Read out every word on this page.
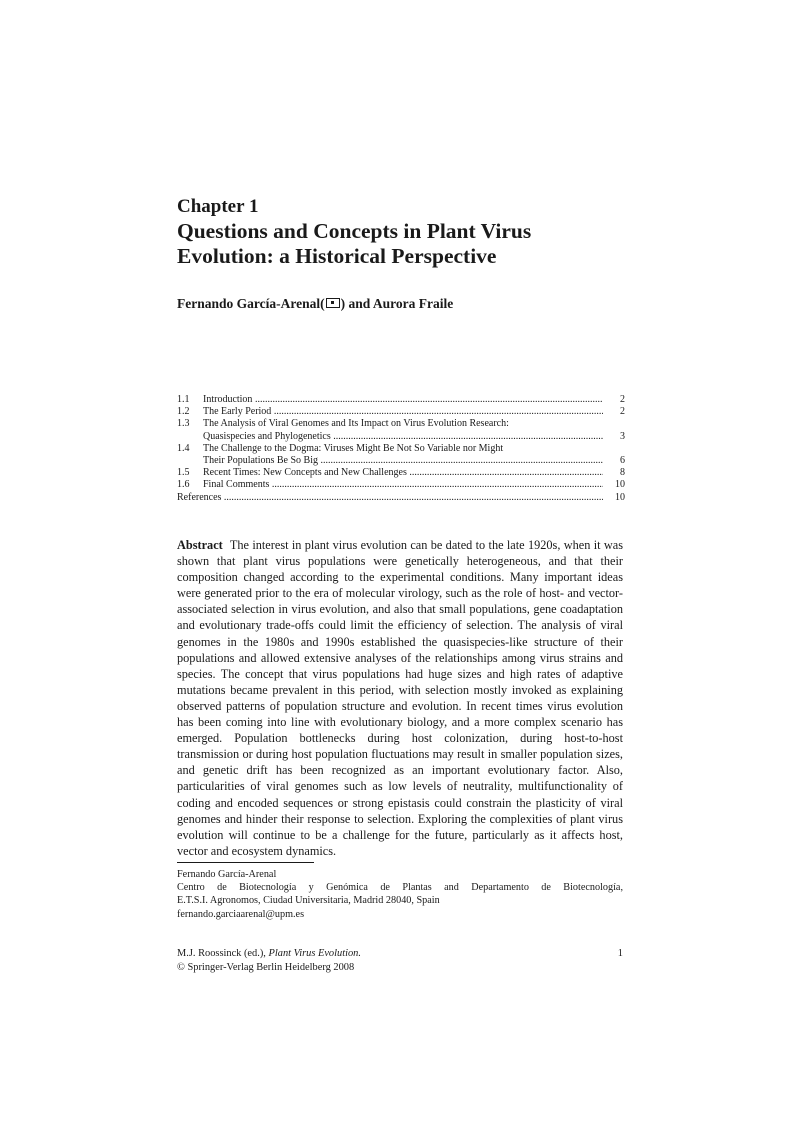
Chapter 1
Questions and Concepts in Plant Virus
Evolution: a Historical Perspective
Fernando García-Arenal( ) and Aurora Fraile
1.1 Introduction .....	2
1.2 The Early Period .....	2
1.3 The Analysis of Viral Genomes and Its Impact on Virus Evolution Research:
Quasispecies and Phylogenetics .....	3
1.4 The Challenge to the Dogma: Viruses Might Be Not So Variable nor Might
Their Populations Be So Big .....	6
1.5 Recent Times: New Concepts and New Challenges .....	8
1.6 Final Comments .....	10
References .....	10
Abstract The interest in plant virus evolution can be dated to the late 1920s, when it was shown that plant virus populations were genetically heterogeneous, and that their composition changed according to the experimental conditions. Many important ideas were generated prior to the era of molecular virology, such as the role of host- and vector-associated selection in virus evolution, and also that small populations, gene coadaptation and evolutionary trade-offs could limit the efficiency of selection. The analysis of viral genomes in the 1980s and 1990s established the quasispecies-like structure of their populations and allowed extensive analyses of the relationships among virus strains and species. The concept that virus populations had huge sizes and high rates of adaptive mutations became prevalent in this period, with selection mostly invoked as explaining observed patterns of population structure and evolution. In recent times virus evolution has been coming into line with evolutionary biology, and a more complex scenario has emerged. Population bottlenecks during host colonization, during host-to-host transmission or during host population fluctuations may result in smaller population sizes, and genetic drift has been recognized as an important evolutionary factor. Also, particularities of viral genomes such as low levels of neutrality, multifunctionality of coding and encoded sequences or strong epistasis could constrain the plasticity of viral genomes and hinder their response to selection. Exploring the complexities of plant virus evolution will continue to be a challenge for the future, particularly as it affects host, vector and ecosystem dynamics.
Fernando García-Arenal
Centro de Biotecnología y Genómica de Plantas and Departamento de Biotecnología,
E.T.S.I. Agronomos, Ciudad Universitaria, Madrid 28040, Spain
fernando.garciaarenal@upm.es
M.J. Roossinck (ed.), Plant Virus Evolution.	1
© Springer-Verlag Berlin Heidelberg 2008
